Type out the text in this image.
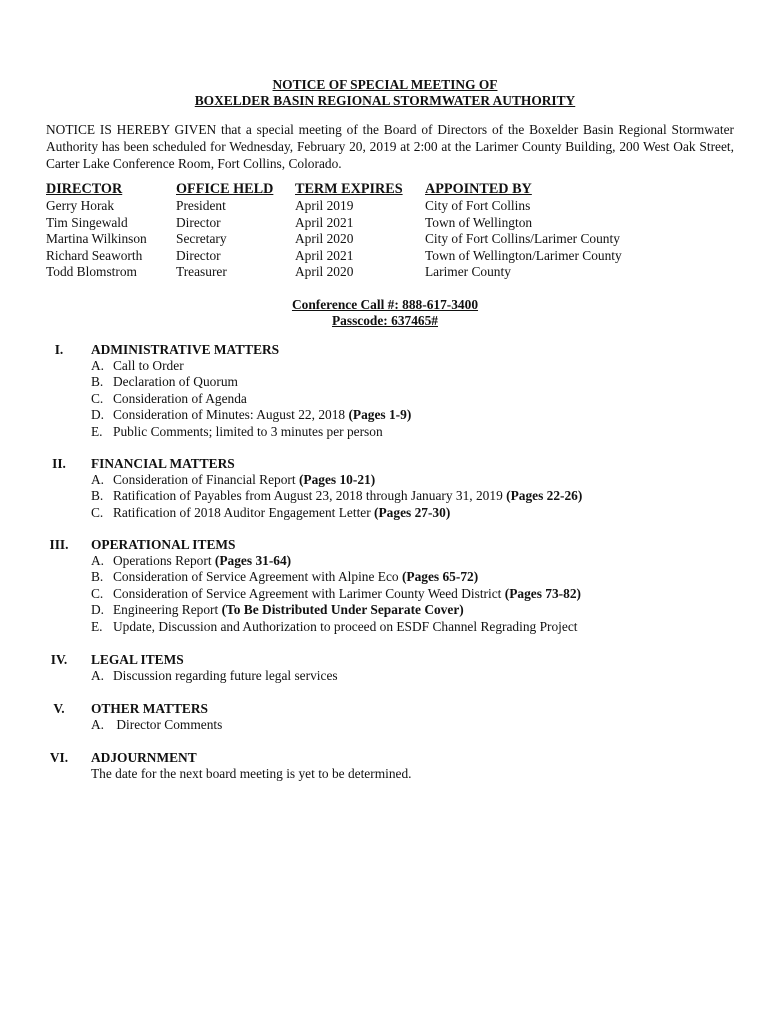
NOTICE OF SPECIAL MEETING OF
BOXELDER BASIN REGIONAL STORMWATER AUTHORITY
NOTICE IS HEREBY GIVEN that a special meeting of the Board of Directors of the Boxelder Basin Regional Stormwater Authority has been scheduled for Wednesday, February 20, 2019 at 2:00 at the Larimer County Building, 200 West Oak Street, Carter Lake Conference Room, Fort Collins, Colorado.
DIRECTOR	OFFICE HELD	TERM EXPIRES	APPOINTED BY
Gerry Horak	President	April 2019	City of Fort Collins
Tim Singewald	Director	April 2021	Town of Wellington
Martina Wilkinson	Secretary	April 2020	City of Fort Collins/Larimer County
Richard Seaworth	Director	April 2021	Town of Wellington/Larimer County
Todd Blomstrom	Treasurer	April 2020	Larimer County
Conference Call #: 888-617-3400
Passcode: 637465#
I.	ADMINISTRATIVE MATTERS
A. Call to Order
B. Declaration of Quorum
C. Consideration of Agenda
D. Consideration of Minutes: August 22, 2018 (Pages 1-9)
E. Public Comments; limited to 3 minutes per person
II.	FINANCIAL MATTERS
A. Consideration of Financial Report (Pages 10-21)
B. Ratification of Payables from August 23, 2018 through January 31, 2019 (Pages 22-26)
C. Ratification of 2018 Auditor Engagement Letter (Pages 27-30)
III. OPERATIONAL ITEMS
A. Operations Report (Pages 31-64)
B. Consideration of Service Agreement with Alpine Eco (Pages 65-72)
C. Consideration of Service Agreement with Larimer County Weed District (Pages 73-82)
D. Engineering Report (To Be Distributed Under Separate Cover)
E. Update, Discussion and Authorization to proceed on ESDF Channel Regrading Project
IV. LEGAL ITEMS
A. Discussion regarding future legal services
V.	OTHER MATTERS
A. Director Comments
VI. ADJOURNMENT
The date for the next board meeting is yet to be determined.
